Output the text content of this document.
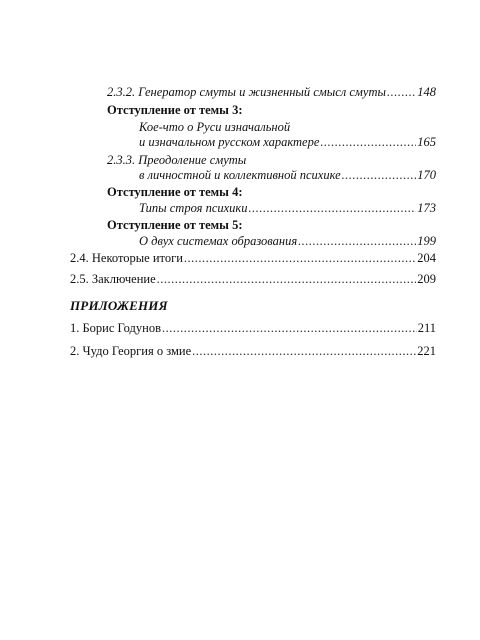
2.3.2. Генератор смуты и жизненный смысл смуты .....	148
Отступление от темы 3:
Кое-что о Руси изначальной
и изначальном русском характере .....	165
2.3.3. Преодоление смуты
в личностной и коллективной психике .....	170
Отступление от темы 4:
Типы строя психики .....	173
Отступление от темы 5:
О двух системах образования .....	199
2.4. Некоторые итоги .....	204
2.5. Заключение .....	209
ПРИЛОЖЕНИЯ
1. Борис Годунов .....	211
2. Чудо Георгия о змие .....	221
